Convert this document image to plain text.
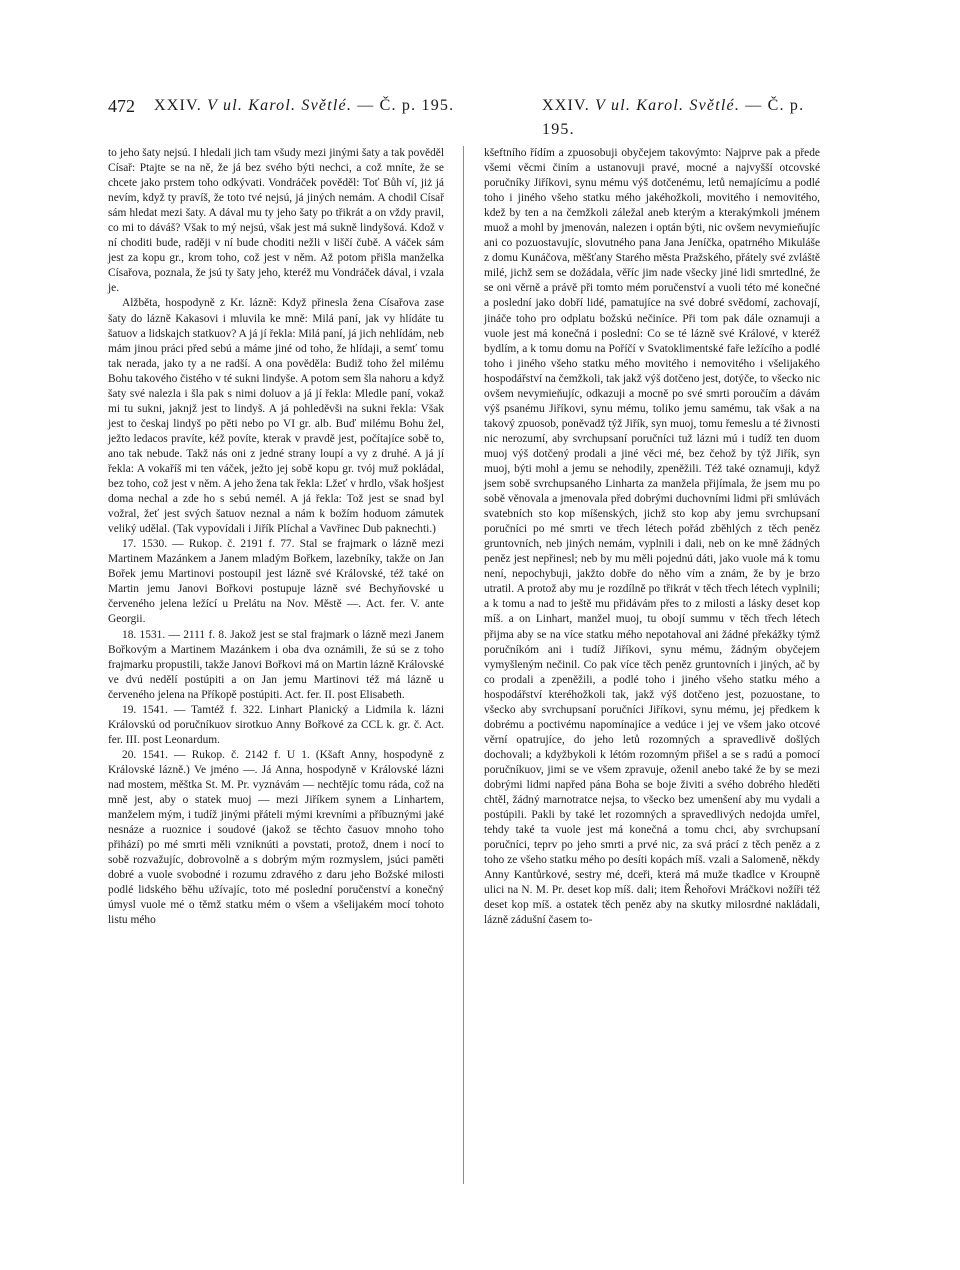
472 XXIV. V ul. Karol. Světlé. — Č. p. 195.	XXIV. V ul. Karol. Světlé. — Č. p. 195.

to jeho šaty nejsú. I hledali jich tam všudy mezi jinými šaty a tak pověděl Císař: Ptajte se na ně, že já bez svého býti nechci, a což mníte, že se chcete jako prstem toho odkývati. Vondráček pověděl: Toť Bůh ví, jiż já nevím, když ty pravíš, že toto tvé nejsú, já jiných nemám. A chodil Císař sám hledat mezi šaty. A dával mu ty jeho šaty po třikrát a on vždy pravil, co mi to dáváš? Však to mý nejsú, však jest má sukně lindyšová. Kdož v ní choditi bude, raději v ní bude choditi nežli v liščí čubě. A váček sám jest za kopu gr., krom toho, což jest v něm. Až potom přišla manželka Císařova, poznala, že jsú ty šaty jeho, kteréž mu Vondráček dával, i vzala je.

Alžběta, hospodyně z Kr. lázně: Když přinesla žena Císařova zase šaty do lázně Kakasovi i mluvila ke mně: Milá paní, jak vy hlídáte tu šatuov a lidskajch statkuov? A já jí řekla: Milá paní, já jich nehlídám, neb mám jinou práci před sebú a máme jiné od toho, že hlídaji, a semť tomu tak nerada, jako ty a ne radší. A ona pověděla: Budiž toho žel milému Bohu takového čistého v té sukni lindyše. A potom sem šla nahoru a když šaty své nalezla i šla pak s nimi doluov a já jí řekla: Mledle paní, vokaž mi tu sukni, jaknjž jest to lindyš. A já pohleděvši na sukni řekla: Však jest to českaj lindyš po pěti nebo po VI gr. alb. Buď milému Bohu žel, ježto ledacos pravíte, kéž povíte, kterak v pravdě jest, počítajíce sobě to, ano tak nebude. Takž nás oni z jedné strany loupí a vy z druhé. A já jí řekla: A vokaříš mi ten váček, ježto jej sobě kopu gr. tvój muž pokládal, bez toho, což jest v něm. A jeho žena tak řekla: Lžeť v hrdlo, však hošjest doma nechal a zde ho s sebú nemél. A já řekla: Tož jest se snad byl vožral, žeť jest svých šatuov neznal a nám k božím hoduom zámutek veliký udělal. (Tak vypovídali i Jiřík Plíchal a Vavřinec Dub paknechti.)

17. 1530. — Rukop. č. 2191 f. 77. Stal se frajmark o lázně mezi Martinem Mazánkem a Janem mladým Bořkem, lazebníky, takže on Jan Bořek jemu Martinovi postoupil jest lázně své Královské, též také on Martin jemu Janovi Bořkovi postupuje lázně své Bechyňovské u červeného jelena ležící u Prelátu na Nov. Městě —. Act. fer. V. ante Georgii.

18. 1531. — 2111 f. 8. Jakož jest se stal frajmark o lázně mezi Janem Bořkovým a Martinem Mazánkem i oba dva oznámili, že sú se z toho frajmarku propustili, takže Janovi Bořkovi má on Martin lázně Královské ve dvú nedělí postúpiti a on Jan jemu Martinovi též má lázně u červeného jelena na Příkopě postúpiti. Act. fer. II. post Elisabeth.

19. 1541. — Tamtéž f. 322. Linhart Planický a Lidmila k. lázni Královskú od poručníkuov sirotkuo Anny Bořkové za CCL k. gr. č. Act. fer. III. post Leonardum.

20. 1541. — Rukop. č. 2142 f. U 1. (Kšaft Anny, hospodyně z Královské lázně.) Ve jméno —. Já Anna, hospodyně v Královské lázni nad mostem, měštka St. M. Pr. vyznávám — nechtějíc tomu ráda, což na mně jest, aby o statek muoj — mezi Jiříkem synem a Linhartem, manželem mým, i tudíž jinými přáteli mými krevními a příbuznými jaké nesnáze a ruoznice i soudové (jakož se těchto časuov mnoho toho přihází) po mé smrti měli vzniknúti a povstati, protož, dnem i nocí to sobě rozvažujíc, dobrovolně a s dobrým mým rozmyslem, jsúci paměti dobré a vuole svobodné i rozumu zdravého z daru jeho Božské milosti podlé lidského běhu užívajíc, toto mé poslední poručenství a konečný úmysl vuole mé o těmž statku mém o všem a všelijakém mocí tohoto listu mého

kšeftního řídím a zpuosobuji obyčejem takovýmto: Najprve pak a přede všemi věcmi činím a ustanovuji pravé, mocné a najvyšší otcovské poručníky Jiříkovi, synu mému výš dotčenému, letů nemajícímu a podlé toho i jiného všeho statku mého jakéhožkoli, movitého i nemovitého, kdež by ten a na čemžkoli záležal aneb kterým a kterakýmkoli jménem muož a mohl by jmenován, nalezen i optán býti, nic ovšem nevymieňujíc ani co pozuostavujíc, slovutného pana Jana Jeníčka, opatrného Mikuláše z domu Kunáčova, měšťany Starého města Pražského, přátely své zvláště milé, jichž sem se dožádala, věříc jim nade všecky jiné lidi smrtedlné, že se oni věrně a právě při tomto mém poručenství a vuoli této mé konečné a poslední jako dobří lidé, pamatujíce na své dobré svědomí, zachovají, jináče toho pro odplatu božskú nečiníce. Při tom pak dále oznamuji a vuole jest má konečná i poslední: Co se té lázně své Králové, v kteréž bydlím, a k tomu domu na Poříčí v Svatoklimentské faře ležícího a podlé toho i jiného všeho statku mého movitého i nemovitého i všelijakého hospodářství na čemžkoli, tak jakž výš dotčeno jest, dotýče, to všecko nic ovšem nevymieňujíc, odkazuji a mocně po své smrti poroučím a dávám výš psanému Jiříkovi, synu mému, toliko jemu samému, tak však a na takový zpuosob, poněvadž týž Jiřík, syn muoj, tomu řemeslu a té živnosti nic nerozumí, aby svrchupsaní poručníci tuž lázni mú i tudíž ten duom muoj výš dotčený prodali a jiné věci mé, bez čehož by týž Jiřík, syn muoj, býti mohl a jemu se nehodily, zpeněžili. Též také oznamuji, když jsem sobě svrchupsaného Linharta za manžela přijímala, že jsem mu po sobě věnovala a jmenovala před dobrými duchovními lidmi při smlúvách svatebních sto kop míšenských, jichž sto kop aby jemu svrchupsaní poručníci po mé smrti ve třech létech pořád zběhlých z těch peněz gruntovních, neb jiných nemám, vyplnili i dali, neb on ke mně žádných peněz jest nepřinesl; neb by mu měli pojednú dáti, jako vuole má k tomu není, nepochybuji, jakžto dobře do něho vím a znám, že by je brzo utratil. A protož aby mu je rozdílně po třikrát v těch třech létech vyplnili; a k tomu a nad to ještě mu přidávám přes to z milosti a lásky deset kop míš. a on Linhart, manžel muoj, tu obojí summu v těch třech létech přijma aby se na více statku mého nepotahoval ani žádné překážky týmž poručníkóm ani i tudíž Jiříkovi, synu mému, žádným obyčejem vymyšleným nečinil. Co pak více těch peněz gruntovních i jiných, ač by co prodali a zpeněžili, a podlé toho i jiného všeho statku mého a hospodářství kteréhožkoli tak, jakž výš dotčeno jest, pozuostane, to všecko aby svrchupsaní poručníci Jiříkovi, synu mému, jej předkem k dobrému a poctivému napomínajíce a vedúce i jej ve všem jako otcové věrní opatrujíce, do jeho letů rozomných a spravedlivě došlých dochovali; a kdyžbykoli k létóm rozomným přišel a se s radú a pomocí poručníkuov, jimi se ve všem zpravuje, oženil anebo také že by se mezi dobrými lidmi napřed pána Boha se boje živiti a svého dobrého hleděti chtěl, žádný marnotratce nejsa, to všecko bez umenšení aby mu vydali a postúpili. Pakli by také let rozomných a spravedlivých nedojda umřel, tehdy také ta vuole jest má konečná a tomu chci, aby svrchupsaní poručníci, teprv po jeho smrti a prvé nic, za svá prácí z těch peněz a z toho ze všeho statku mého po desíti kopách míš. vzali a Salomeně, někdy Anny Kantůrkové, sestry mé, dceři, která má muže tkadlce v Kroupně ulici na N. M. Pr. deset kop míš. dali; item Řehořovi Mráčkovi nožíři též deset kop míš. a ostatek těch peněz aby na skutky milosrdné nakládali, lázně zádušní časem to-
